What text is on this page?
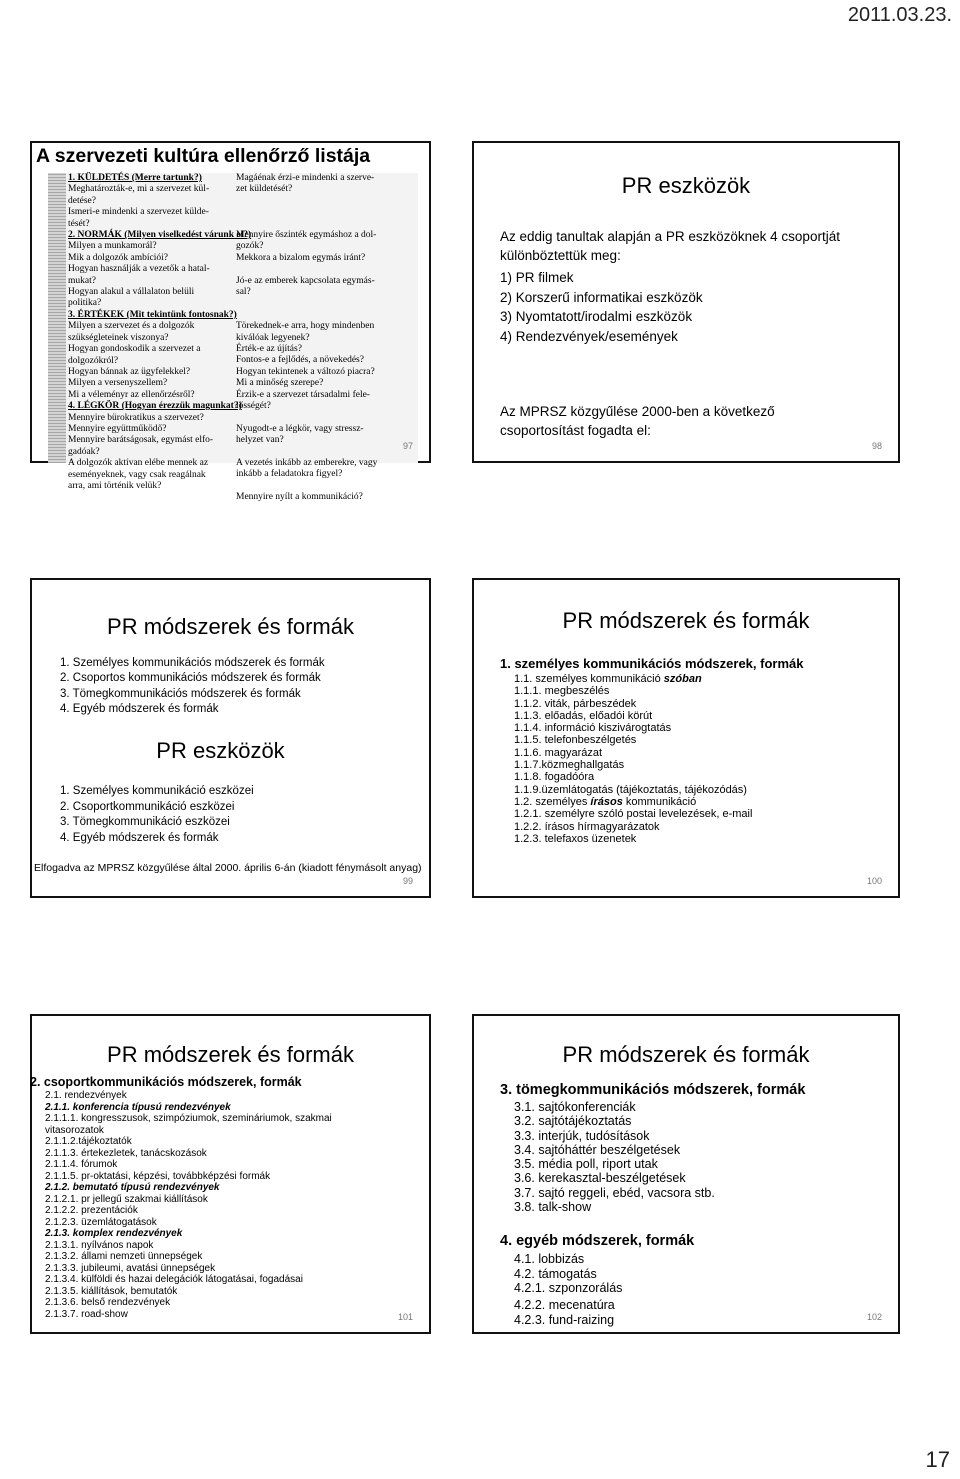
2011.03.23.
A szervezeti kultúra ellenőrző listája
1. KÜLDETÉS (Merre tartunk?)
Meghatározták-e, mi a szervezet kül-
detése?
Ismeri-e mindenki a szervezet külde-
tését?
2. NORMÁK (Milyen viselkedést várunk el?)
Milyen a munkamorál?
Mik a dolgozók ambíciói?
Hogyan használják a vezetők a hatal-
mukat?
Hogyan alakul a vállalaton belüli
politika?
3. ÉRTÉKEK (Mit tekintünk fontosnak?)
Milyen a szervezet és a dolgozók
szükségleteinek viszonya?
Hogyan gondoskodik a szervezet a
dolgozókról?
Hogyan bánnak az ügyfelekkel?
Milyen a versenyszellem?
Mi a véleményr az ellenőrzésről?
4. LÉGKÖR (Hogyan érezzük magunkat?)
Mennyire bürokratikus a szervezet?
Mennyire együttműködő?
Mennyire barátságosak, egymást elfo-
gadóak?
A dolgozók aktívan elébe mennek az
eseményeknek, vagy csak reagálnak
arra, ami történik velük?
Magáénak érzi-e mindenki a szerve-
zet küldetését?
Mennyire őszinték egymáshoz a dol-
gozók?
Mekkora a bizalom egymás iránt?
Jó-e az emberek kapcsolata egymás-
sal?
Törekednek-e arra, hogy mindenben
kiválóak legyenek?
Érték-e az újítás?
Fontos-e a fejlődés, a növekedés?
Hogyan tekintenek a változó piacra?
Mi a minőség szerepe?
Érzik-e a szervezet társadalmi fele-
lősségét?
Nyugodt-e a légkör, vagy stressz-
helyzet van?
A vezetés inkább az emberekre, vagy
inkább a feladatokra figyel?
Mennyire nyílt a kommunikáció?
97
PR eszközök
Az eddig tanultak alapján a PR eszközöknek 4 csoportját különböztettük meg:
1) PR filmek
2) Korszerű informatikai eszközök
3) Nyomtatott/irodalmi eszközök
4) Rendezvények/események
Az MPRSZ közgyűlése 2000-ben a következő csoportosítást fogadta el:
98
PR módszerek és formák
1. Személyes kommunikációs módszerek és formák
2. Csoportos kommunikációs módszerek és formák
3. Tömegkommunikációs módszerek és formák
4. Egyéb módszerek és formák
PR eszközök
1. Személyes kommunikáció eszközei
2. Csoportkommunikáció eszközei
3. Tömegkommunikáció eszközei
4. Egyéb módszerek és formák
Elfogadva az MPRSZ közgyűlése által 2000. április 6-án (kiadott fénymásolt anyag)
99
PR módszerek és formák
1. személyes kommunikációs módszerek, formák
1.1. személyes kommunikáció szóban
1.1.1. megbeszélés
1.1.2. viták, párbeszédek
1.1.3. előadás, előadói körút
1.1.4. információ kiszivárogtatás
1.1.5. telefonbeszélgetés
1.1.6. magyarázat
1.1.7.közmeghallgatás
1.1.8. fogadóóra
1.1.9.üzemlátogatás (tájékoztatás, tájékozódás)
1.2. személyes írásos kommunikáció
1.2.1. személyre szóló postai levelezések, e-mail
1.2.2. írásos hírmagyarázatok
1.2.3. telefaxos üzenetek
100
PR módszerek és formák
2. csoportkommunikációs módszerek, formák
2.1. rendezvények
2.1.1. konferencia típusú rendezvények
2.1.1.1. kongresszusok, szimpóziumok, szemináriumok, szakmai
vitasorozatok
2.1.1.2.tájékoztatók
2.1.1.3. értekezletek, tanácskozások
2.1.1.4. fórumok
2.1.1.5. pr-oktatási, képzési, továbbképzési formák
2.1.2. bemutató típusú rendezvények
2.1.2.1. pr jellegű szakmai kiállítások
2.1.2.2. prezentációk
2.1.2.3. üzemlátogatások
2.1.3. komplex rendezvények
2.1.3.1. nyílvános napok
2.1.3.2. állami nemzeti ünnepségek
2.1.3.3. jubileumi, avatási ünnepségek
2.1.3.4. külföldi és hazai delegációk látogatásai, fogadásai
2.1.3.5. kiállítások, bemutatók
2.1.3.6. belső rendezvények
2.1.3.7. road-show	101
PR módszerek és formák
3. tömegkommunikációs módszerek, formák
3.1. sajtókonferenciák
3.2. sajtótájékoztatás
3.3. interjúk, tudósítások
3.4. sajtóháttér beszélgetések
3.5. média poll, riport utak
3.6. kerekasztal-beszélgetések
3.7. sajtó reggeli, ebéd, vacsora stb.
3.8. talk-show
4. egyéb módszerek, formák
4.1. lobbizás
4.2. támogatás
4.2.1. szponzorálás
4.2.2. mecenatúra
4.2.3. fund-raizing	102
17
